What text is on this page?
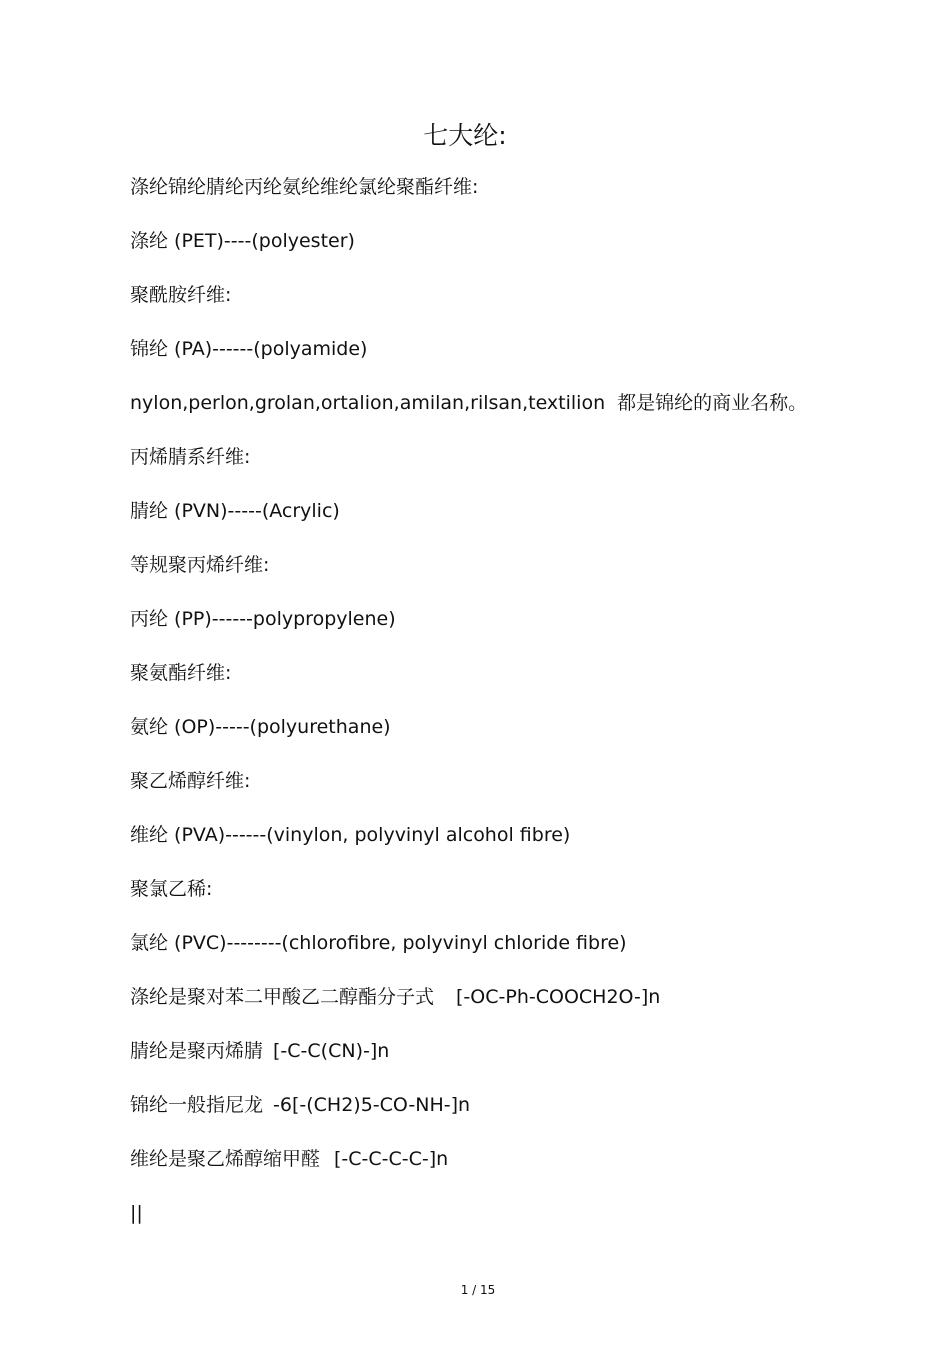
七大纶:
涤纶锦纶腈纶丙纶氨纶维纶氯纶聚酯纤维:
涤纶 (PET)----(polyester)
聚酰胺纤维:
锦纶 (PA)------(polyamide)
nylon,perlon,grolan,ortalion,amilan,rilsan,textilion 都是锦纶的商业名称。
丙烯腈系纤维:
腈纶 (PVN)-----(Acrylic)
等规聚丙烯纤维:
丙纶 (PP)------polypropylene)
聚氨酯纤维:
氨纶 (OP)-----(polyurethane)
聚乙烯醇纤维:
维纶 (PVA)------(vinylon, polyvinyl alcohol fibre)
聚氯乙稀:
氯纶 (PVC)--------(chlorofibre, polyvinyl chloride fibre)
涤纶是聚对苯二甲酸乙二醇酯分子式 [-OC-Ph-COOCH2O-]n
腈纶是聚丙烯腈 [-C-C(CN)-]n
锦纶一般指尼龙 -6[-(CH2)5-CO-NH-]n
维纶是聚乙烯醇缩甲醛 [-C-C-C-C-]n
||
1 / 15
